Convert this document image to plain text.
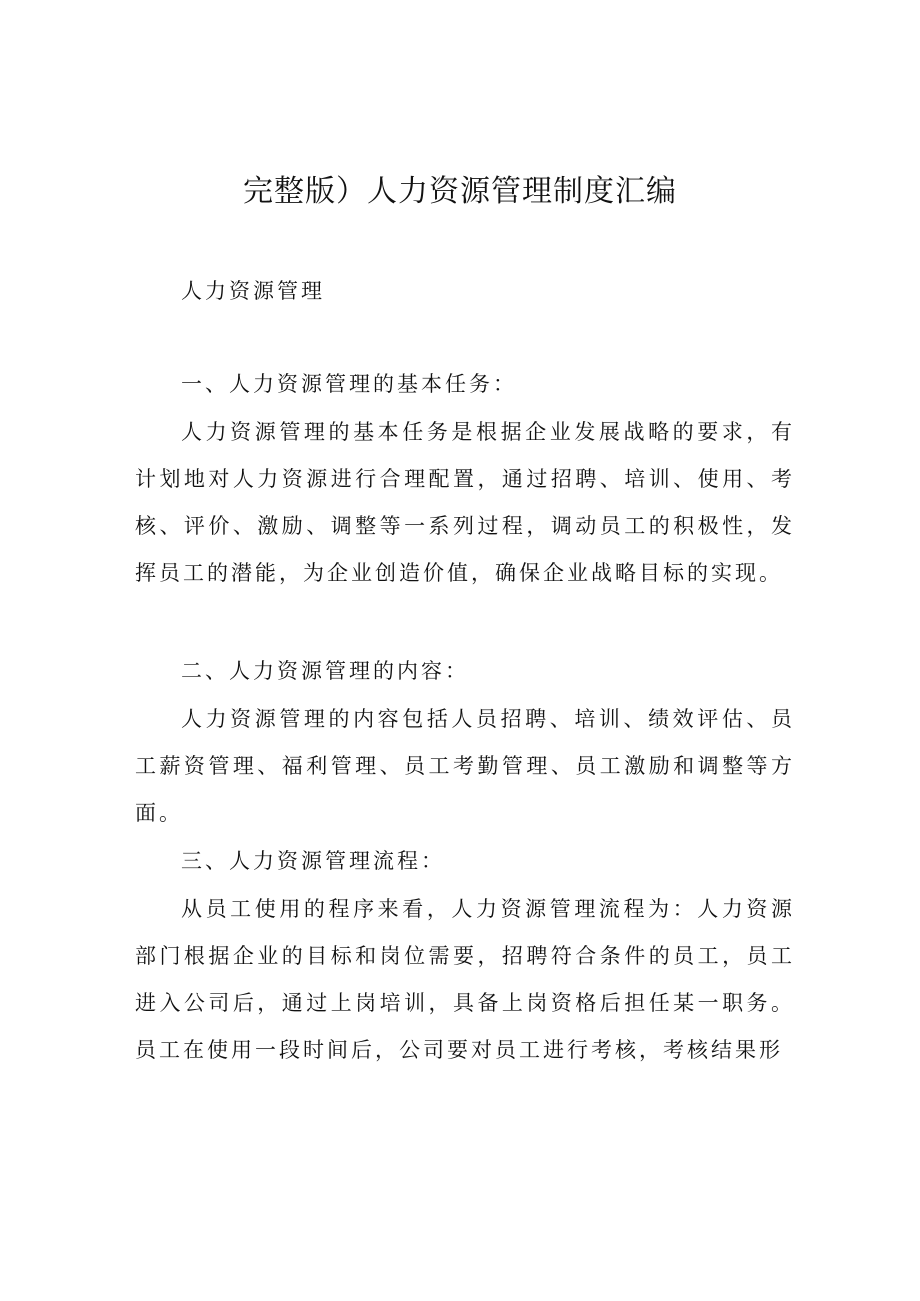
完整版）人力资源管理制度汇编

人力资源管理

一、人力资源管理的基本任务：

人力资源管理的基本任务是根据企业发展战略的要求，有计划地对人力资源进行合理配置，通过招聘、培训、使用、考核、评价、激励、调整等一系列过程，调动员工的积极性，发挥员工的潜能，为企业创造价值，确保企业战略目标的实现。

二、人力资源管理的内容：

人力资源管理的内容包括人员招聘、培训、绩效评估、员工薪资管理、福利管理、员工考勤管理、员工激励和调整等方面。

三、人力资源管理流程：

从员工使用的程序来看，人力资源管理流程为：人力资源部门根据企业的目标和岗位需要，招聘符合条件的员工，员工进入公司后，通过上岗培训，具备上岗资格后担任某一职务。员工在使用一段时间后，公司要对员工进行考核，考核结果形
